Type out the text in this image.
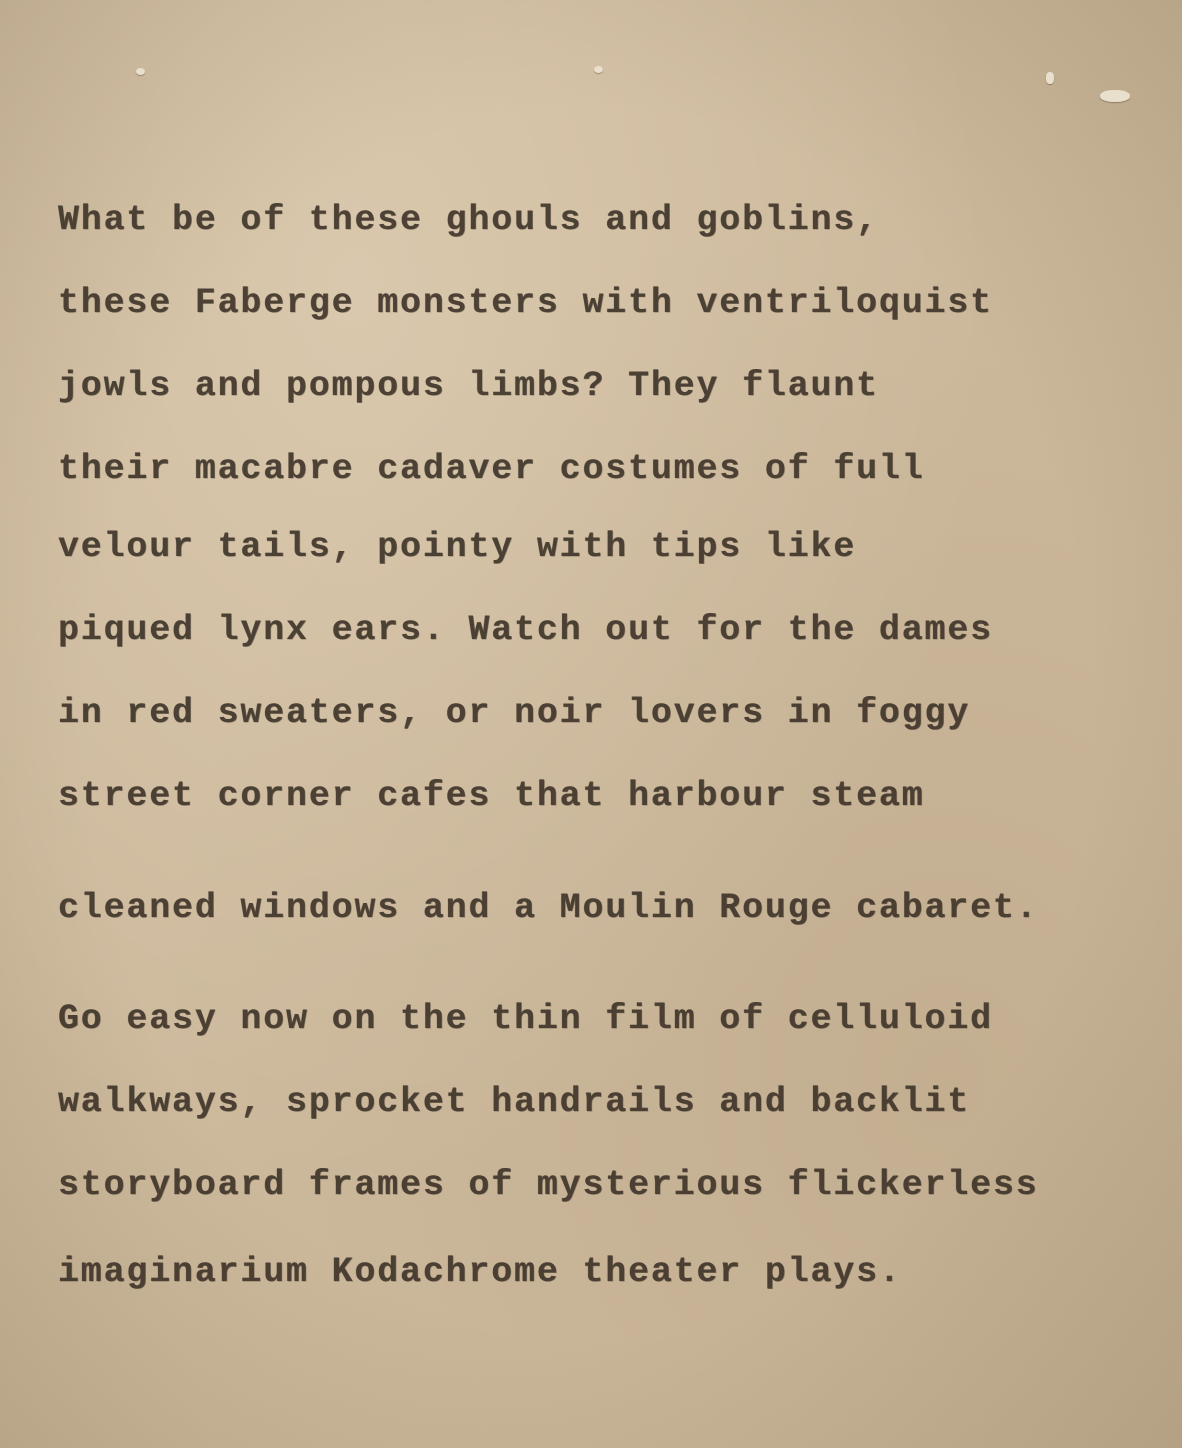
What be of these ghouls and goblins,

these Faberge monsters with ventriloquist

jowls and pompous limbs? They flaunt

their macabre cadaver costumes of full

velour tails, pointy with tips like

piqued lynx ears. Watch out for the dames

in red sweaters, or noir lovers in foggy

street corner cafes that harbour steam

cleaned windows and a Moulin Rouge cabaret.

Go easy now on the thin film of celluloid

walkways, sprocket handrails and backlit

storyboard frames of mysterious flickerless

imaginarium Kodachrome theater plays.
